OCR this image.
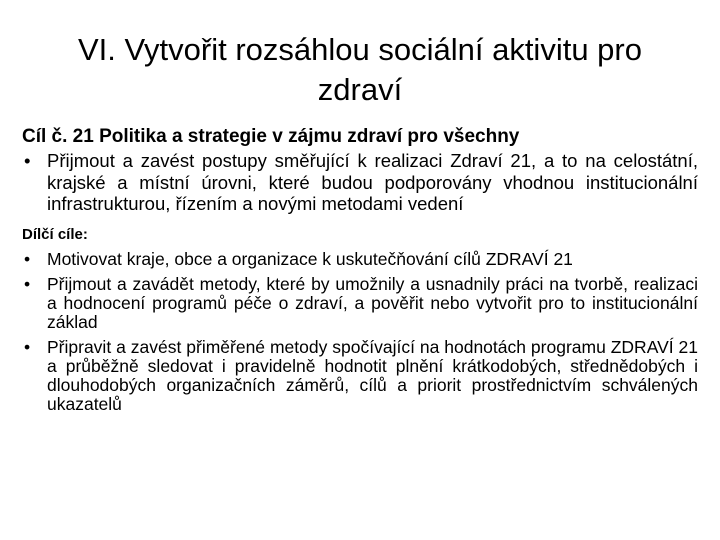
VI. Vytvořit rozsáhlou sociální aktivitu pro zdraví

Cíl č. 21 Politika a strategie v zájmu zdraví pro všechny

• Přijmout a zavést postupy směřující k realizaci Zdraví 21, a to na celostátní, krajské a místní úrovni, které budou podporovány vhodnou institucionální infrastrukturou, řízením a novými metodami vedení

Dílčí cíle:

• Motivovat kraje, obce a organizace k uskutečňování cílů ZDRAVÍ 21
• Přijmout a zavádět metody, které by umožnily a usnadnily práci na tvorbě, realizaci a hodnocení programů péče o zdraví, a pověřit nebo vytvořit pro to institucionální základ
• Připravit a zavést přiměřené metody spočívající na hodnotách programu ZDRAVÍ 21 a průběžně sledovat i pravidelně hodnotit plnění krátkodobých, střednědobých i dlouhodobých organizačních záměrů, cílů a priorit prostřednictvím schválených ukazatelů
